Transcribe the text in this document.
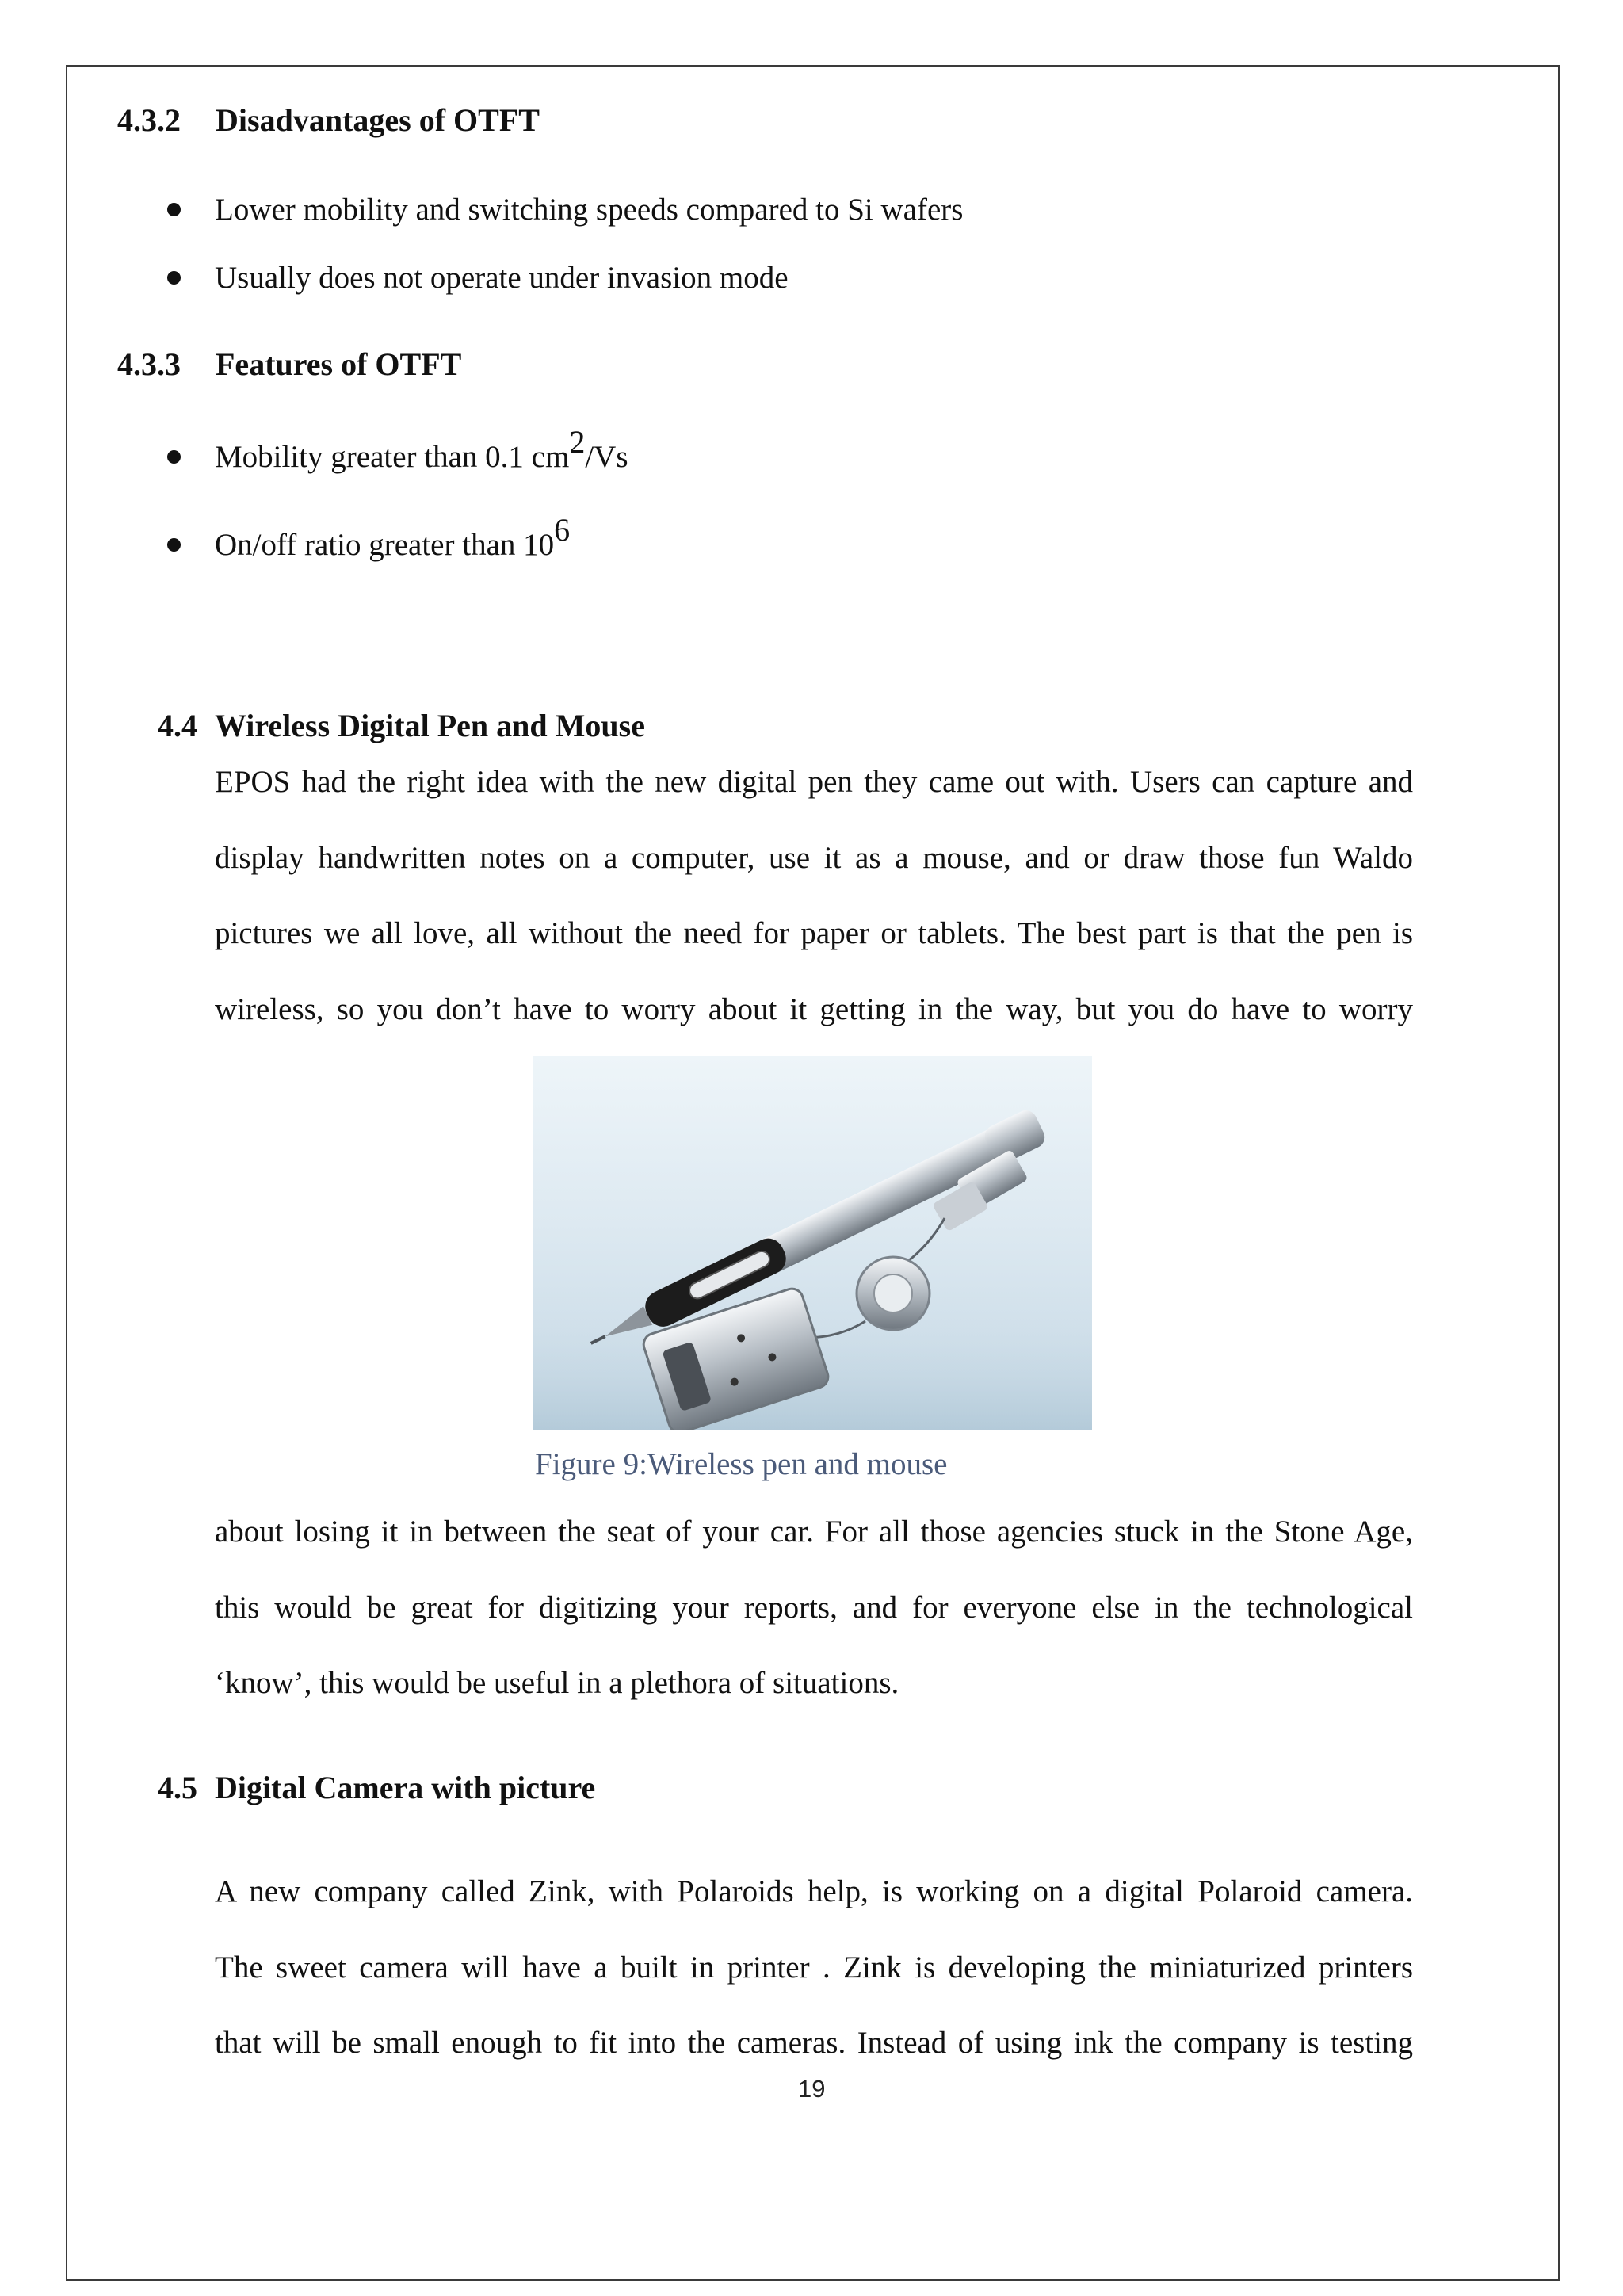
4.3.2 Disadvantages of OTFT
Lower mobility and switching speeds compared to Si wafers
Usually does not operate under invasion mode
4.3.3 Features of OTFT
Mobility greater than 0.1 $cm^2/Vs$
On/off ratio greater than $10^6$
4.4 Wireless Digital Pen and Mouse
EPOS had the right idea with the new digital pen they came out with. Users can capture and
display handwritten notes on a computer, use it as a mouse, and or draw those fun Waldo
pictures we all love, all without the need for paper or tablets. The best part is that the pen is
wireless, so you don’t have to worry about it getting in the way, but you do have to worry
Figure 9:Wireless pen and mouse
about losing it in between the seat of your car. For all those agencies stuck in the Stone Age,
this would be great for digitizing your reports, and for everyone else in the technological
‘know’, this would be useful in a plethora of situations.
4.5 Digital Camera with picture
A new company called Zink, with Polaroids help, is working on a digital Polaroid camera.
The sweet camera will have a built in printer . Zink is developing the miniaturized printers
that will be small enough to fit into the cameras. Instead of using ink the company is testing
19
